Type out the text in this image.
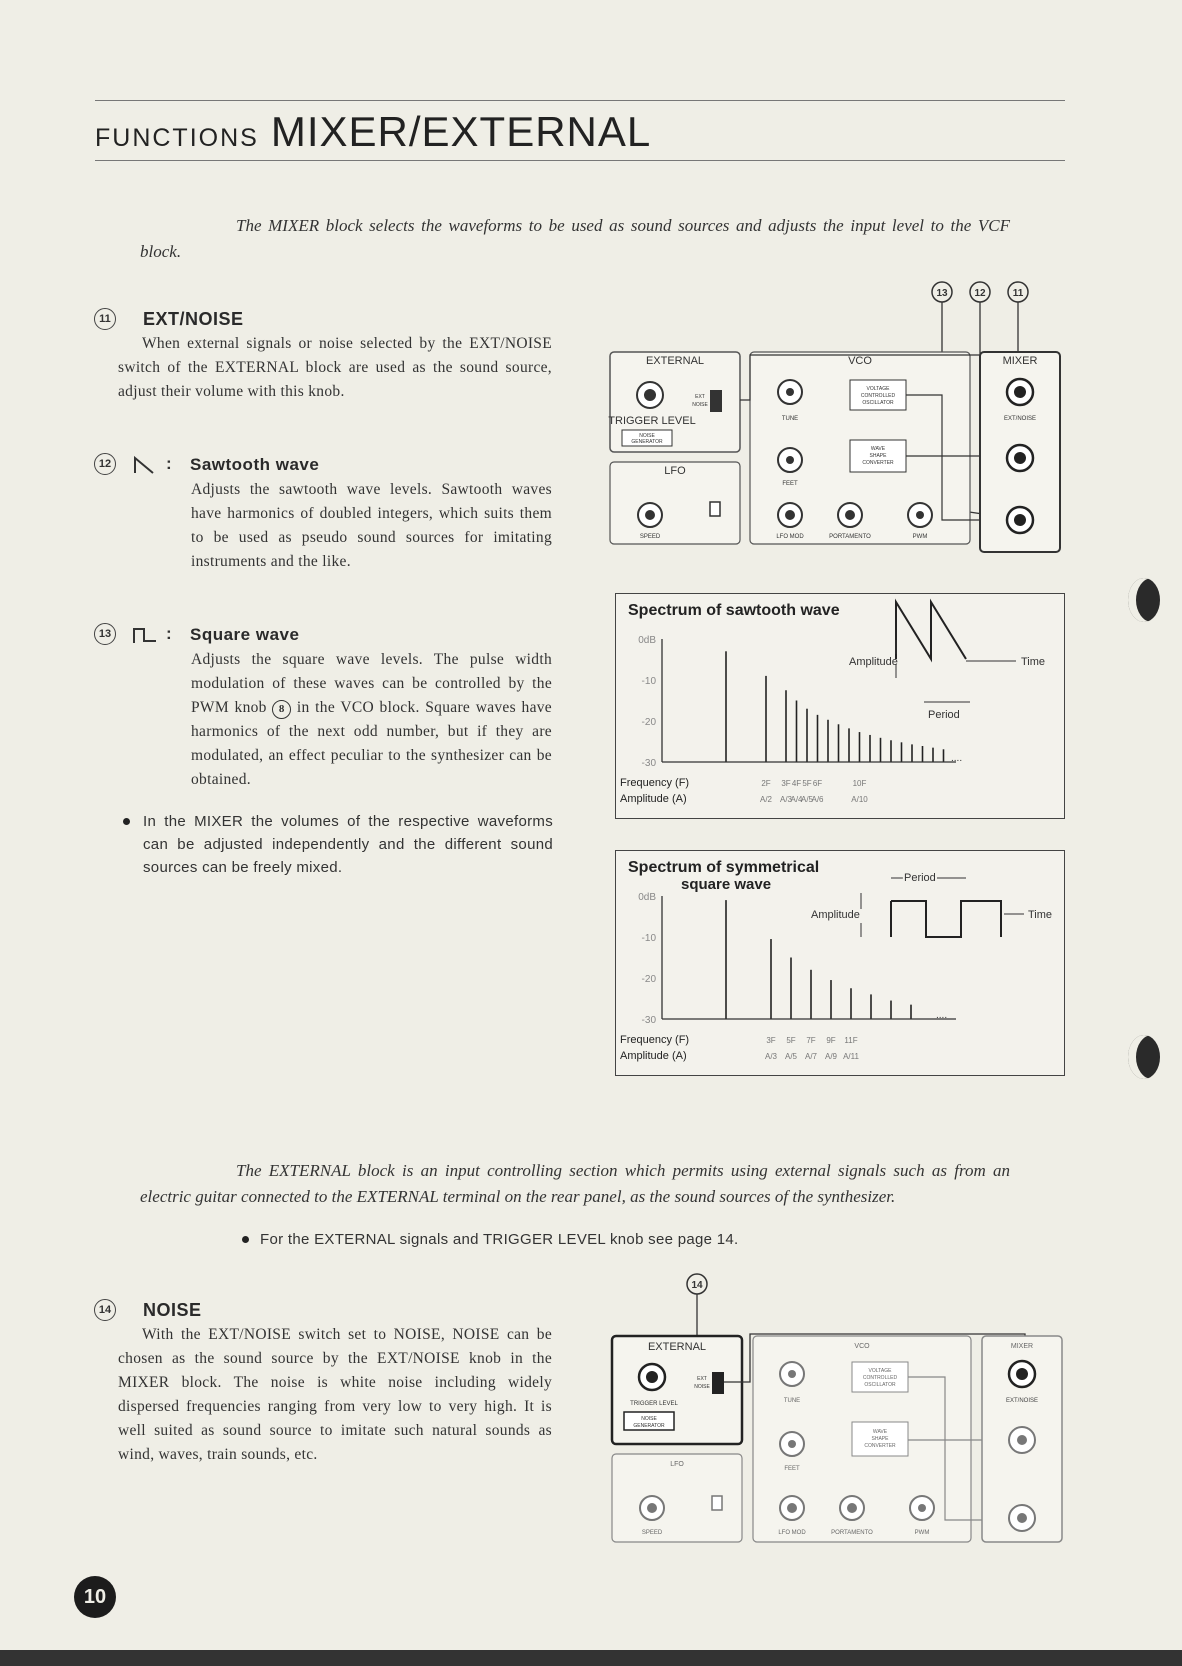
FUNCTIONS MIXER/EXTERNAL
The MIXER block selects the waveforms to be used as sound sources and adjusts the input level to the VCF block.
11 EXT/NOISE
When external signals or noise selected by the EXT/NOISE switch of the EXTERNAL block are used as the sound source, adjust their volume with this knob.
12	: Sawtooth wave
Adjusts the sawtooth wave levels. Sawtooth waves have harmonics of doubled integers, which suits them to be used as pseudo sound sources for imitating instruments and the like.
13	: Square wave
Adjusts the square wave levels. The pulse width modulation of these waves can be controlled by the PWM knob 8 in the VCO block. Square waves have harmonics of the next odd number, but if they are modulated, an effect peculiar to the synthesizer can be obtained.
In the MIXER the volumes of the respective waveforms can be adjusted independently and the different sound sources can be freely mixed.
13	12	11
EXTERNAL
TRIGGER LEVEL
NOISE
GENERATOR
EXT
NOISE
LFO
SPEED
VCO
TUNE
VOLTAGE
CONTROLLED
OSCILLATOR
FEET
WAVE
SHAPE
CONVERTER
LFO MOD	PORTAMENTO	PWM
MIXER
EXT/NOISE
Spectrum of sawtooth wave
0dB
-10
-20
-30	....
Amplitude	Time
Period
Frequency (F)
Amplitude (A)
2F
A/2
3F
A/3
4F
A/4
5F
A/5
6F
A/6
10F
A/10
Spectrum of symmetrical
square wave
0dB
-10
-20
-30	....
Amplitude	Time
Period
Frequency (F)
Amplitude (A)
3F
A/3
5F
A/5
7F
A/7
9F
A/9
11F
A/11
The EXTERNAL block is an input controlling section which permits using external signals such as from an electric guitar connected to the EXTERNAL terminal on the rear panel, as the sound sources of the synthesizer.
For the EXTERNAL signals and TRIGGER LEVEL knob see page 14.
14 NOISE
With the EXT/NOISE switch set to NOISE, NOISE can be chosen as the sound source by the EXT/NOISE knob in the MIXER block. The noise is white noise including widely dispersed frequencies ranging from very low to very high. It is well suited as sound source to imitate such natural sounds as wind, waves, train sounds, etc.
14
EXTERNAL
TRIGGER LEVEL
NOISE
GENERATOR
EXT
NOISE
LFO
SPEED
VCO
TUNE
VOLTAGE
CONTROLLED
OSCILLATOR
FEET
WAVE
SHAPE
CONVERTER
LFO MOD	PORTAMENTO	PWM
MIXER
EXT/NOISE
10
